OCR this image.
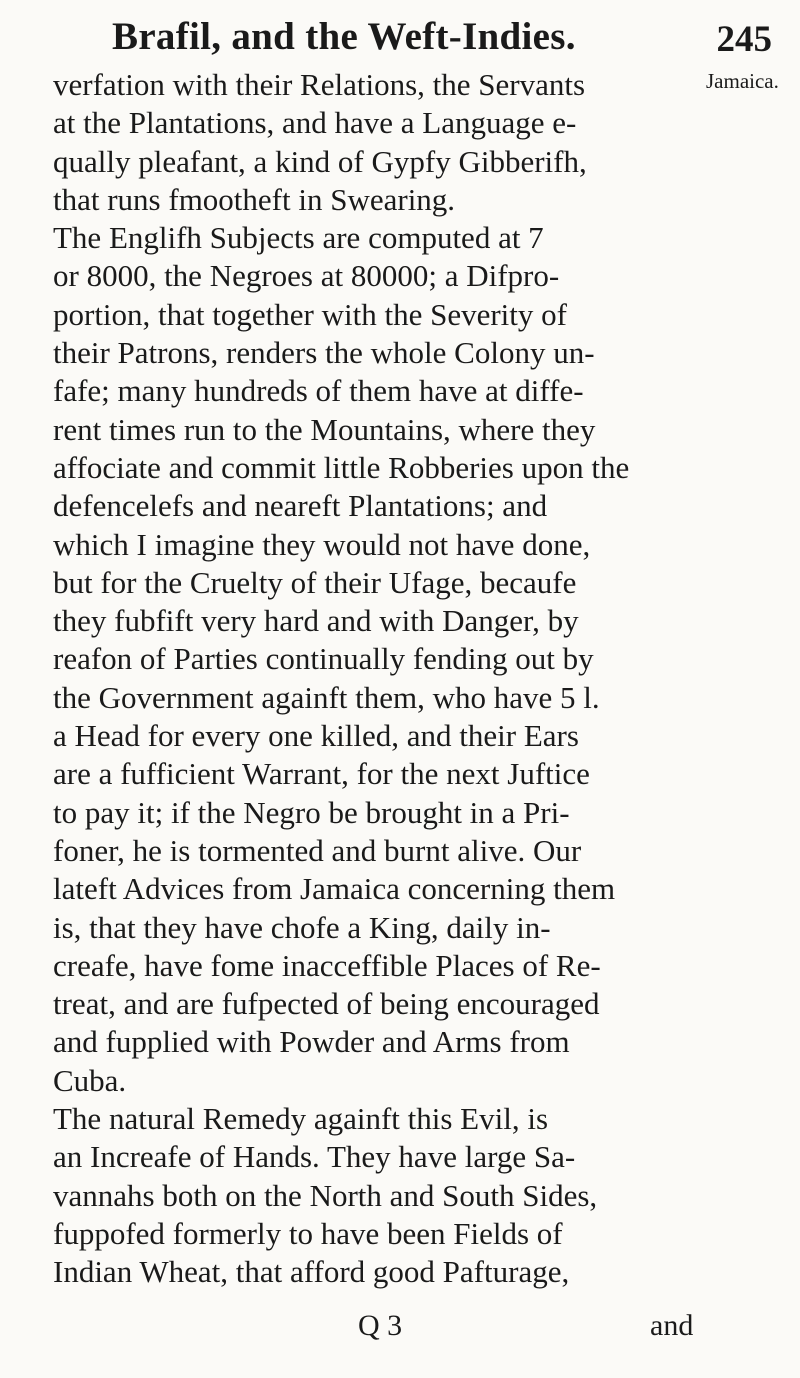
Brafil, and the Weft-Indies.	245
Jamaica.
verfation with their Relations, the Servants
at the Plantations, and have a Language e-
qually pleafant, a kind of Gypfy Gibberifh,
that runs fmootheft in Swearing.
The Englifh Subjects are computed at 7
or 8000, the Negroes at 80000; a Difpro-
portion, that together with the Severity of
their Patrons, renders the whole Colony un-
fafe; many hundreds of them have at diffe-
rent times run to the Mountains, where they
affociate and commit little Robberies upon the
defencelefs and neareft Plantations; and
which I imagine they would not have done,
but for the Cruelty of their Ufage, becaufe
they fubfift very hard and with Danger, by
reafon of Parties continually fending out by
the Government againft them, who have 5 l.
a Head for every one killed, and their Ears
are a fufficient Warrant, for the next Juftice
to pay it; if the Negro be brought in a Pri-
foner, he is tormented and burnt alive. Our
lateft Advices from Jamaica concerning them
is, that they have chofe a King, daily in-
creafe, have fome inacceffible Places of Re-
treat, and are fufpected of being encouraged
and fupplied with Powder and Arms from
Cuba.
The natural Remedy againft this Evil, is
an Increafe of Hands. They have large Sa-
vannahs both on the North and South Sides,
fuppofed formerly to have been Fields of
Indian Wheat, that afford good Pafturage,
Q 3	and
